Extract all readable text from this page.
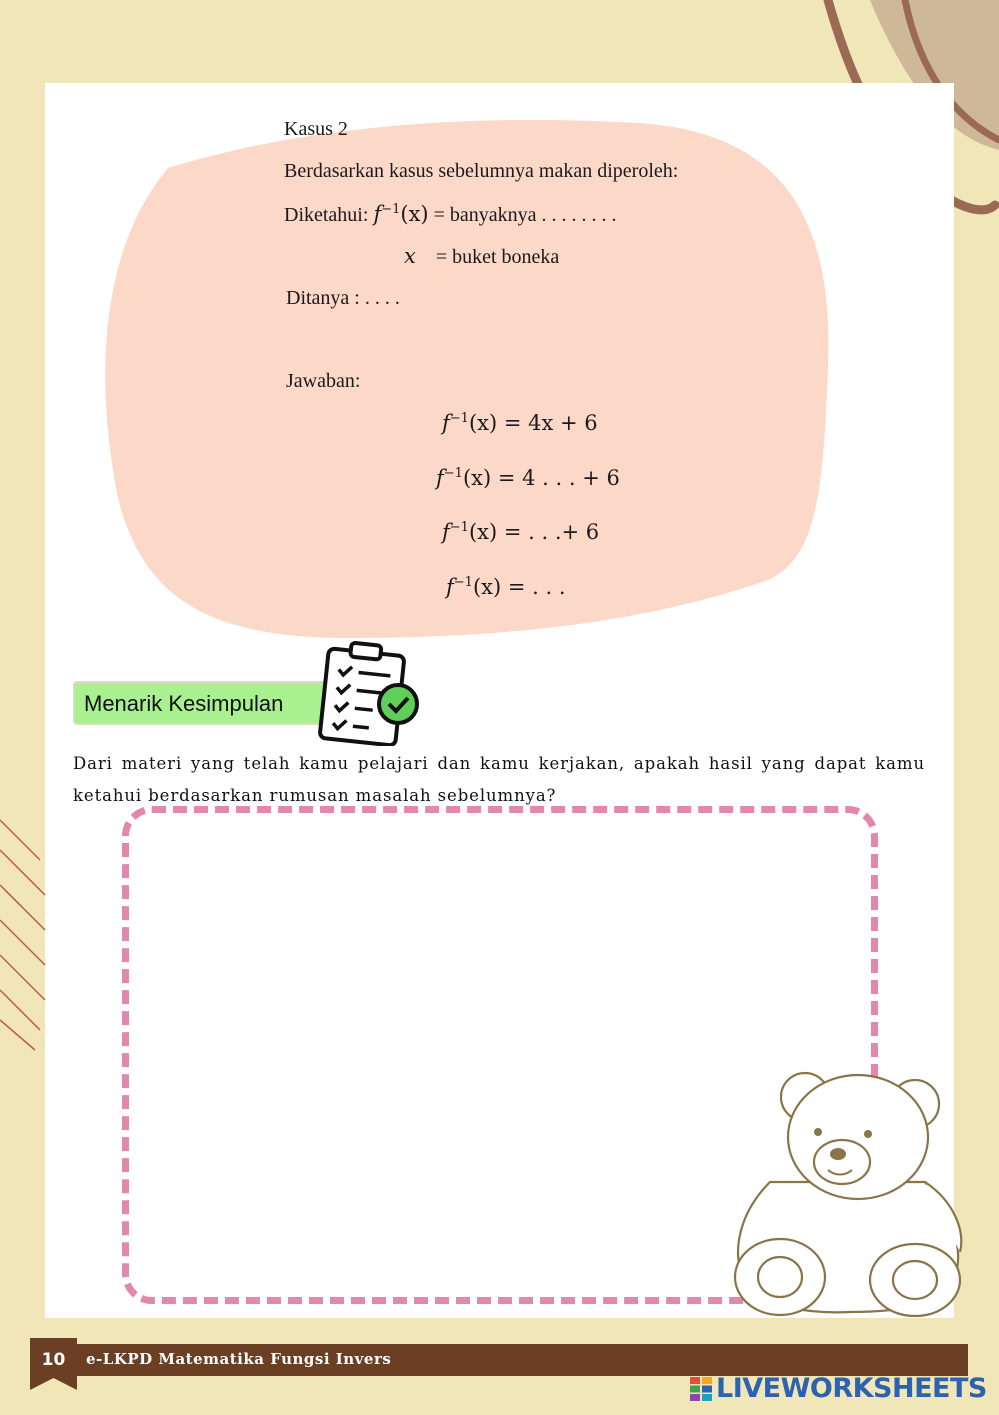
Kasus 2
Berdasarkan kasus sebelumnya makan diperoleh:
Diketahui: $f^{-1}(x)$ = banyaknya . . . . . . . .
x = buket boneka
Ditanya : . . . .
Jawaban:
$f^{-1}(x) = 4x + 6$
$f^{-1}(x) = 4$ . . . + 6
$f^{-1}(x)$ = . . .+ 6
$f^{-1}(x)$ = . . .
Menarik Kesimpulan
Dari materi yang telah kamu pelajari dan kamu kerjakan, apakah hasil yang dapat kamu ketahui berdasarkan rumusan masalah sebelumnya?
10	e-LKPD Matematika Fungsi Invers
LIVEWORKSHEETS
